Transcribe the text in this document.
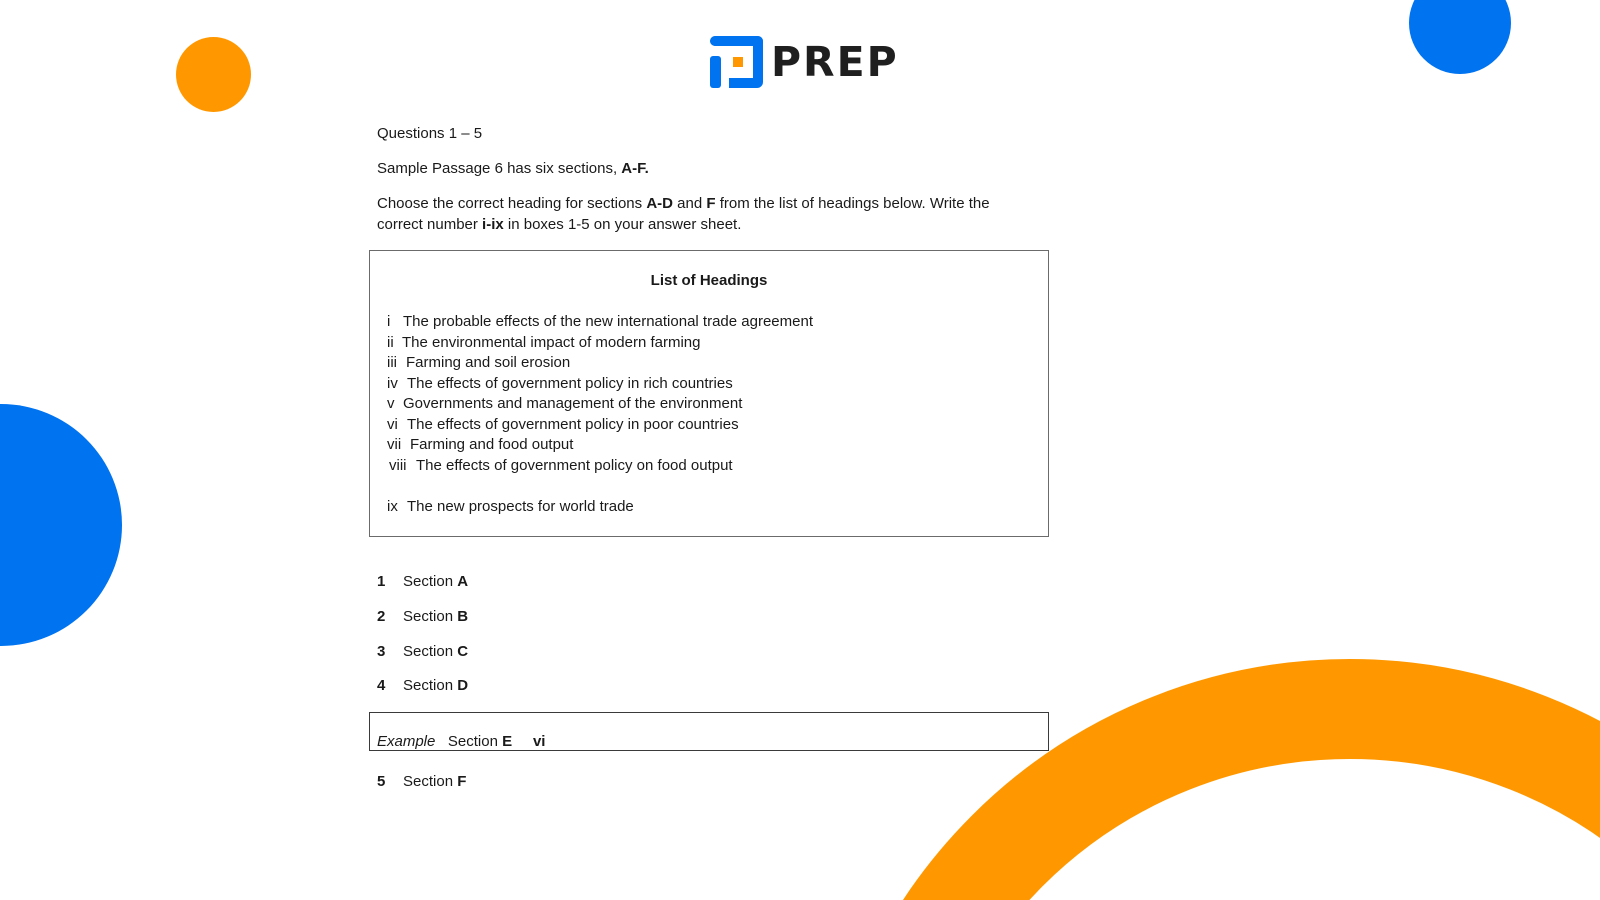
PREP
Questions 1 – 5
Sample Passage 6 has six sections, A-F.
Choose the correct heading for sections A-D and F from the list of headings below. Write the
correct number i-ix in boxes 1-5 on your answer sheet.
List of Headings
i The probable effects of the new international trade agreement
ii The environmental impact of modern farming
iii Farming and soil erosion
iv The effects of government policy in rich countries
v Governments and management of the environment
vi The effects of government policy in poor countries
vii Farming and food output
viii The effects of government policy on food output
ix The new prospects for world trade
1 Section A
2 Section B
3 Section C
4 Section D
Example Section E vi
5 Section F
